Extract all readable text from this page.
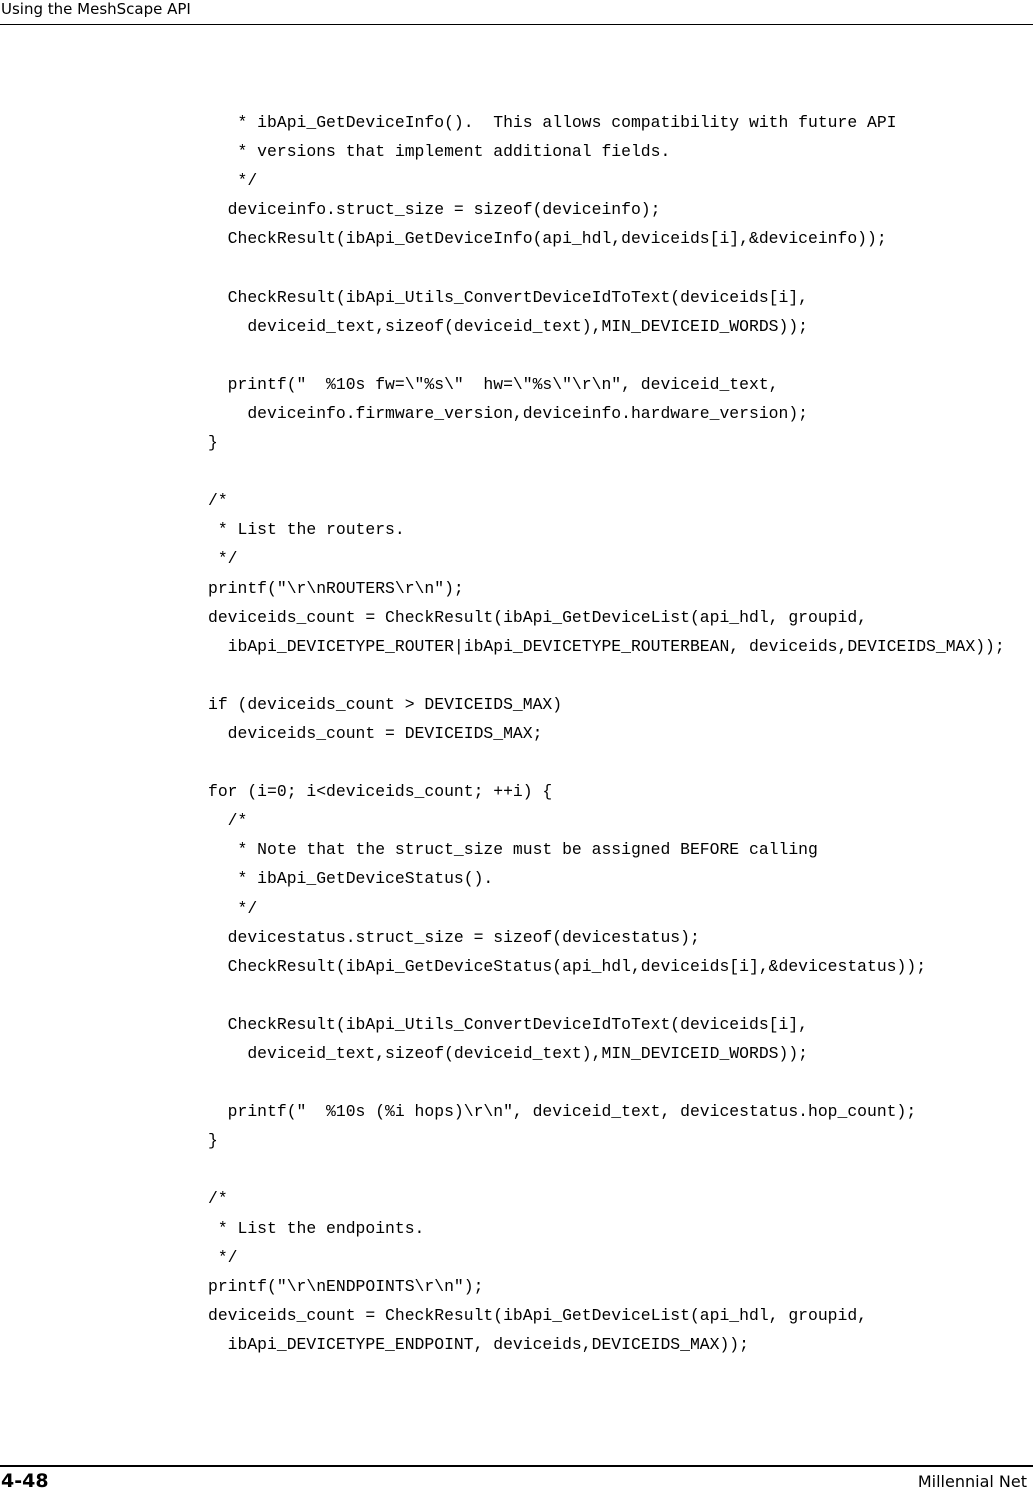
Using the MeshScape API
* ibApi_GetDeviceInfo().  This allows compatibility with future API
* versions that implement additional fields.
*/
deviceinfo.struct_size = sizeof(deviceinfo);
CheckResult(ibApi_GetDeviceInfo(api_hdl,deviceids[i],&deviceinfo));
CheckResult(ibApi_Utils_ConvertDeviceIdToText(deviceids[i],
deviceid_text,sizeof(deviceid_text),MIN_DEVICEID_WORDS));
printf("  %10s fw=\"%s\"  hw=\"%s\"\r\n", deviceid_text,
deviceinfo.firmware_version,deviceinfo.hardware_version);
}
/*
* List the routers.
*/
printf("\r\nROUTERS\r\n");
deviceids_count = CheckResult(ibApi_GetDeviceList(api_hdl, groupid,
ibApi_DEVICETYPE_ROUTER|ibApi_DEVICETYPE_ROUTERBEAN, deviceids,DEVICEIDS_MAX));
if (deviceids_count > DEVICEIDS_MAX)
deviceids_count = DEVICEIDS_MAX;
for (i=0; i<deviceids_count; ++i) {
/*
* Note that the struct_size must be assigned BEFORE calling
* ibApi_GetDeviceStatus().
*/
devicestatus.struct_size = sizeof(devicestatus);
CheckResult(ibApi_GetDeviceStatus(api_hdl,deviceids[i],&devicestatus));
CheckResult(ibApi_Utils_ConvertDeviceIdToText(deviceids[i],
deviceid_text,sizeof(deviceid_text),MIN_DEVICEID_WORDS));
printf("  %10s (%i hops)\r\n", deviceid_text, devicestatus.hop_count);
}
/*
* List the endpoints.
*/
printf("\r\nENDPOINTS\r\n");
deviceids_count = CheckResult(ibApi_GetDeviceList(api_hdl, groupid,
ibApi_DEVICETYPE_ENDPOINT, deviceids,DEVICEIDS_MAX));
4-48	Millennial Net
